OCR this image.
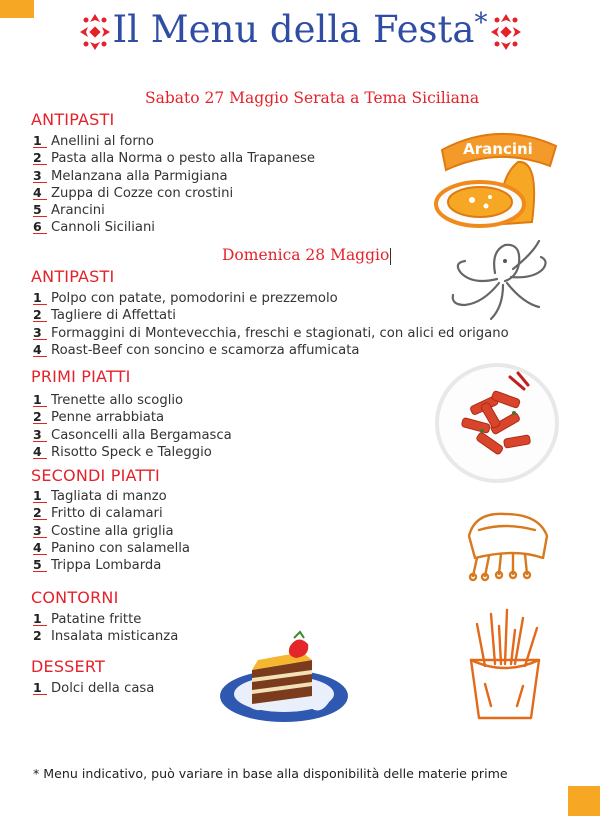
Il Menu della Festa*
Sabato 27 Maggio Serata a Tema Siciliana
ANTIPASTI
1 Anellini al forno
2 Pasta alla Norma o pesto alla Trapanese
3 Melanzana alla Parmigiana
4 Zuppa di Cozze con crostini
5 Arancini
6 Cannoli Siciliani
Domenica 28 Maggio
ANTIPASTI
1 Polpo con patate, pomodorini e prezzemolo
2 Tagliere di Affettati
3 Formaggini di Montevecchia, freschi e stagionati, con alici ed origano
4 Roast-Beef con soncino e scamorza affumicata
PRIMI PIATTI
1 Trenette allo scoglio
2 Penne arrabbiata
3 Casoncelli alla Bergamasca
4 Risotto Speck e Taleggio
SECONDI PIATTI
1 Tagliata di manzo
2 Fritto di calamari
3 Costine alla griglia
4 Panino con salamella
5 Trippa Lombarda
CONTORNI
1 Patatine fritte
2 Insalata misticanza
DESSERT
1 Dolci della casa
* Menu indicativo, può variare in base alla disponibilità delle materie prime
Arancini
